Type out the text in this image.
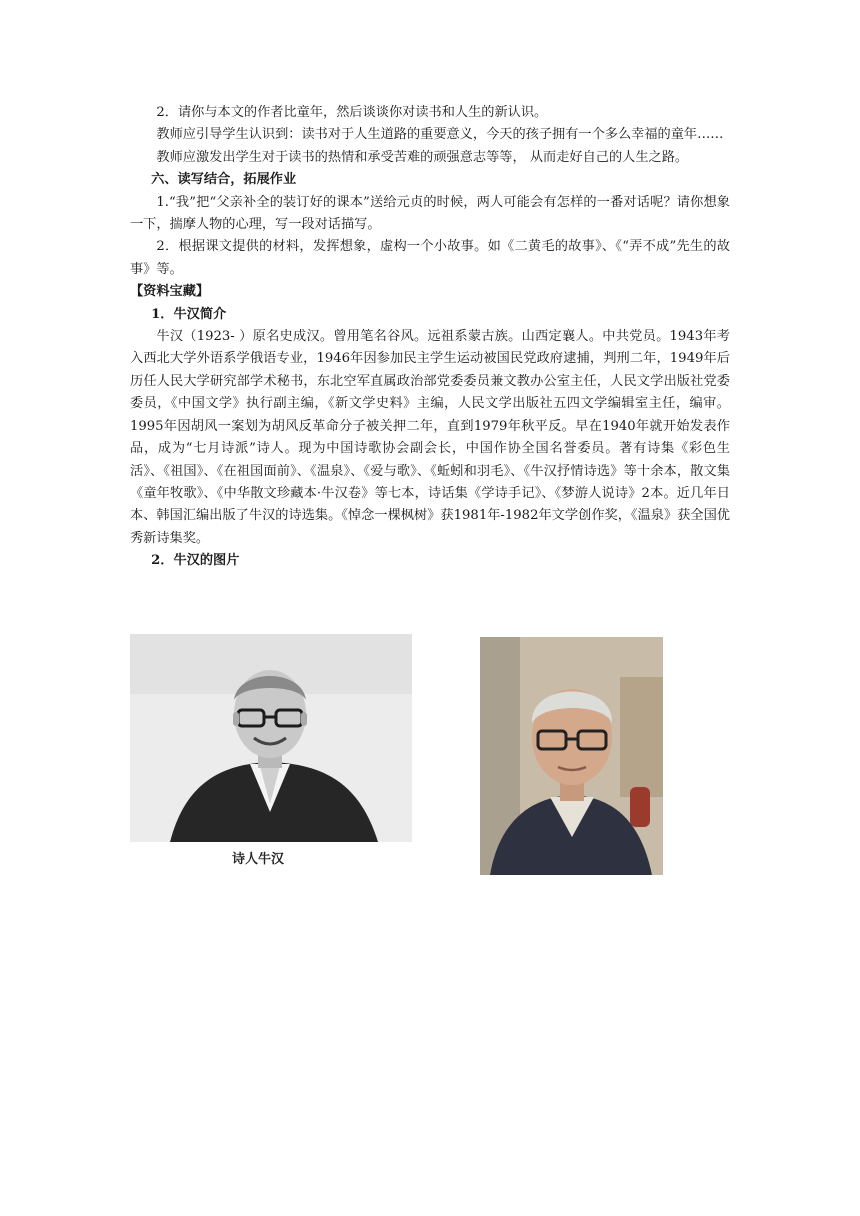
2．请你与本文的作者比童年，然后谈谈你对读书和人生的新认识。

教师应引导学生认识到：读书对于人生道路的重要意义，今天的孩子拥有一个多么幸福的童年……

教师应激发出学生对于读书的热情和承受苦难的顽强意志等等， 从而走好自己的人生之路。

六、读写结合，拓展作业

1.“我”把“父亲补全的装订好的课本”送给元贞的时候，两人可能会有怎样的一番对话呢？请你想象一下，揣摩人物的心理，写一段对话描写。

2．根据课文提供的材料，发挥想象，虚构一个小故事。如《二黄毛的故事》、《“弄不成”先生的故事》等。

【资料宝藏】

1．牛汉简介

牛汉（1923- ）原名史成汉。曾用笔名谷风。远祖系蒙古族。山西定襄人。中共党员。1943年考入西北大学外语系学俄语专业，1946年因参加民主学生运动被国民党政府逮捕，判刑二年，1949年后历任人民大学研究部学术秘书，东北空军直属政治部党委委员兼文教办公室主任，人民文学出版社党委委员，《中国文学》执行副主编，《新文学史料》主编，人民文学出版社五四文学编辑室主任，编审。1995年因胡风一案划为胡风反革命分子被关押二年，直到1979年秋平反。早在1940年就开始发表作品，成为“七月诗派”诗人。现为中国诗歌协会副会长，中国作协全国名誉委员。著有诗集《彩色生活》、《祖国》、《在祖国面前》、《温泉》、《爱与歌》、《蚯蚓和羽毛》、《牛汉抒情诗选》等十余本，散文集《童年牧歌》、《中华散文珍藏本·牛汉卷》等七本，诗话集《学诗手记》、《梦游人说诗》2本。近几年日本、韩国汇编出版了牛汉的诗选集。《悼念一棵枫树》获1981年-1982年文学创作奖，《温泉》获全国优秀新诗集奖。

2．牛汉的图片

诗人牛汉
